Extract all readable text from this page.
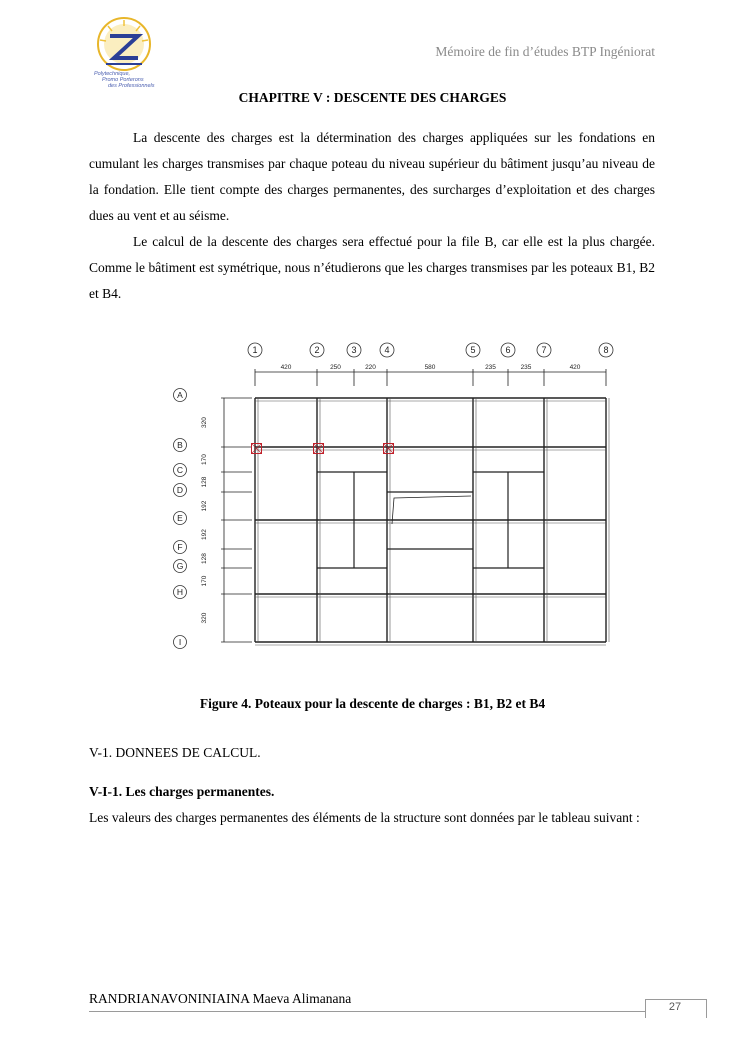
Polytechnique,
Promo Porterons
des Professionnels
Mémoire de fin d’études BTP Ingéniorat
CHAPITRE V : DESCENTE DES CHARGES
La descente des charges est la détermination des charges appliquées sur les fondations en cumulant les charges transmises par chaque poteau du niveau supérieur du bâtiment jusqu’au niveau de la fondation. Elle tient compte des charges permanentes, des surcharges d’exploitation et des charges dues au vent et au séisme.
Le calcul de la descente des charges sera effectué pour la file B, car elle est la plus chargée. Comme le bâtiment est symétrique, nous n’étudierons que les charges transmises par les poteaux B1, B2 et B4.
420	250	220	580	235	235	420
1	2	3	4	5	6	7	8
320
170
128
192
192
128
170
320
A
B
C
D
E
F
G
H
I
Figure 4. Poteaux pour la descente de charges : B1, B2 et B4
V-1. DONNEES DE CALCUL.
V-I-1. Les charges permanentes.
Les valeurs des charges permanentes des éléments de la structure sont données par le tableau suivant :
RANDRIANAVONINIAINA Maeva Alimanana
27
